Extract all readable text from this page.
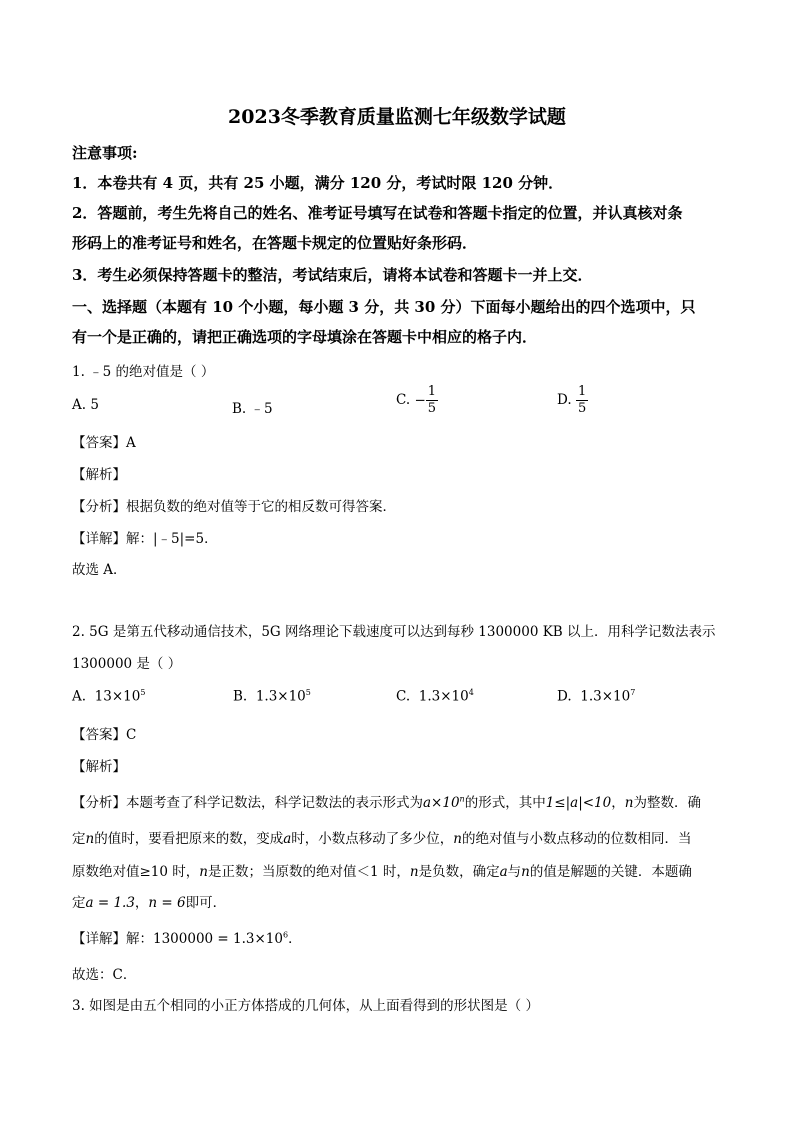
2023冬季教育质量监测七年级数学试题
注意事项:
1．本卷共有 4 页，共有 25 小题，满分 120 分，考试时限 120 分钟．
2．答题前，考生先将自己的姓名、准考证号填写在试卷和答题卡指定的位置，并认真核对条
形码上的准考证号和姓名，在答题卡规定的位置贴好条形码．
3．考生必须保持答题卡的整洁，考试结束后，请将本试卷和答题卡一并上交．
一、选择题（本题有 10 个小题，每小题 3 分，共 30 分）下面每小题给出的四个选项中，只
有一个是正确的，请把正确选项的字母填涂在答题卡中相应的格子内．
1. ﹣5 的绝对值是（ ）
A. 5	B. ﹣5
C. − $\frac{1}{5}$	D. $\frac{1}{5}$
【答案】A
【解析】
【分析】根据负数的绝对值等于它的相反数可得答案．
【详解】解：|﹣5|=5．
故选 A．
2. 5G 是第五代移动通信技术，5G 网络理论下载速度可以达到每秒 1300000 KB 以上．用科学记数法表示
1300000 是（ ）
A. $13\times 10^5$	B. $1.3\times 10^5$	C. $1.3\times 10^4$	D. $1.3\times 10^7$
【答案】C
【解析】
【分析】本题考查了科学记数法，科学记数法的表示形式为$a\times 10^n$的形式，其中1≤|a|<10，n为整数．确
定n的值时，要看把原来的数，变成a时，小数点移动了多少位，n的绝对值与小数点移动的位数相同．当
原数绝对值≥10 时，n是正数；当原数的绝对值＜1 时，n是负数，确定a与n的值是解题的关键．本题确
定a = 1.3，n = 6即可．
【详解】解：$1300000 = 1.3\times 10^6$．
故选：C．
3. 如图是由五个相同的小正方体搭成的几何体，从上面看得到的形状图是（ ）
